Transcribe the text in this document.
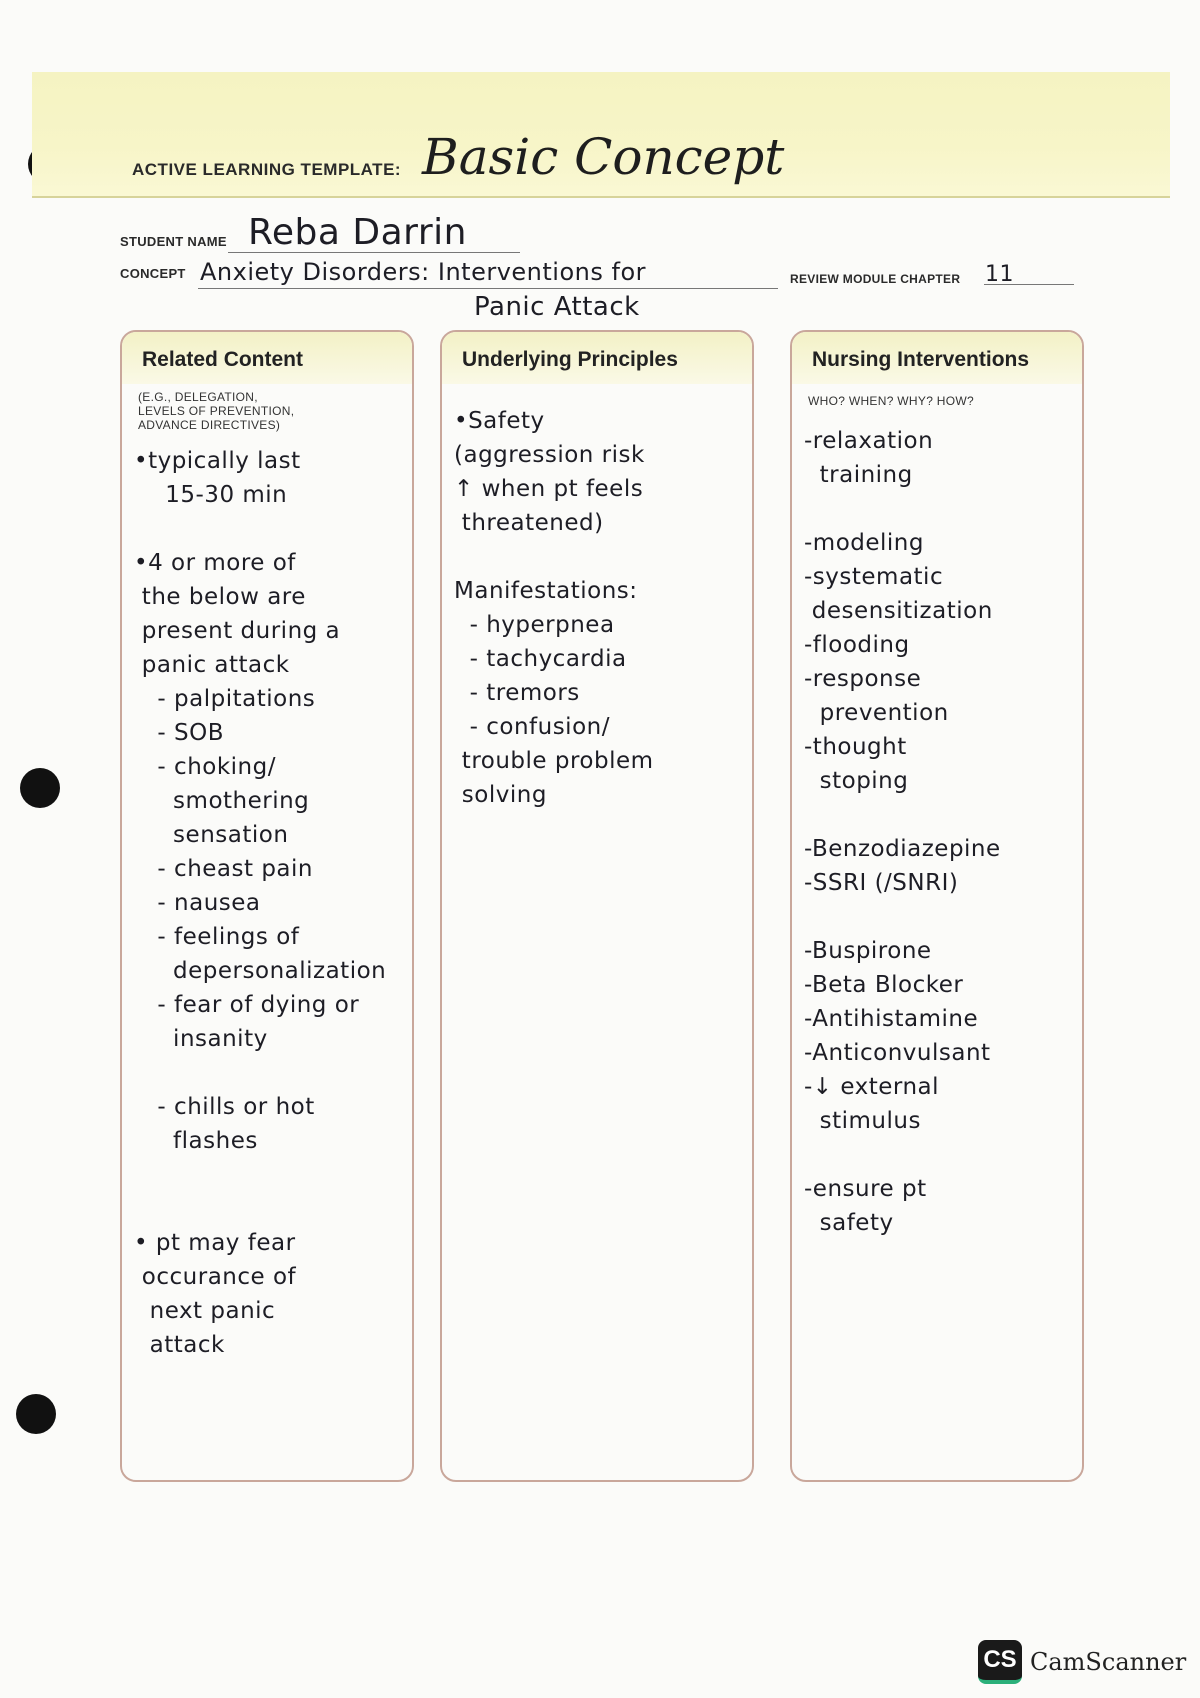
ACTIVE LEARNING TEMPLATE: Basic Concept
STUDENT NAME Reba Darrin
CONCEPT Anxiety Disorders: Interventions for
Panic Attack
REVIEW MODULE CHAPTER 11
Related Content
(E.G., DELEGATION,
LEVELS OF PREVENTION,
ADVANCE DIRECTIVES)
•typically last
15-30 min

•4 or more of
the below are
present during a
panic attack
- palpitations
- SOB
- choking/
smothering
sensation
- cheast pain
- nausea
- feelings of
depersonalization
- fear of dying or
insanity

- chills or hot
flashes

• pt may fear
occurance of
next panic
attack
Underlying Principles
•Safety
(aggression risk
↑ when pt feels
threatened)

Manifestations:
- hyperpnea
- tachycardia
- tremors
- confusion/
trouble problem
solving
Nursing Interventions
WHO? WHEN? WHY? HOW?
-relaxation
training

-modeling
-systematic
desensitization
-flooding
-response
prevention
-thought
stoping

-Benzodiazepine
-SSRI (/SNRI)

-Buspirone
-Beta Blocker
-Antihistamine
-Anticonvulsant
-↓ external
stimulus

-ensure pt
safety
CS CamScanner
